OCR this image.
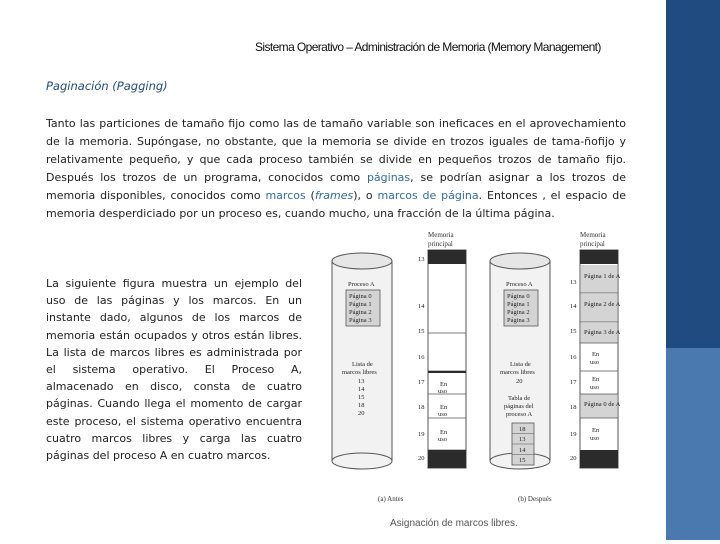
Sistema Operativo – Administración de Memoria (Memory Management)
Paginación (Pagging)
Tanto las particiones de tamaño fijo como las de tamaño variable son ineficaces en el aprovechamiento de la memoria. Supóngase, no obstante, que la memoria se divide en trozos iguales de tama-ñofijo y relativamente pequeño, y que cada proceso también se divide en pequeños trozos de tamaño fijo. Después los trozos de un programa, conocidos como páginas, se podrían asignar a los trozos de memoria disponibles, conocidos como marcos (frames), o marcos de página. Entonces , el espacio de memoria desperdiciado por un proceso es, cuando mucho, una fracción de la última página.
La siguiente figura muestra un ejemplo del uso de las páginas y los marcos. En un instante dado, algunos de los marcos de memoria están ocupados y otros están libres. La lista de marcos libres es administrada por el sistema operativo. El Proceso A, almacenado en disco, consta de cuatro páginas. Cuando llega el momento de cargar este proceso, el sistema operativo encuentra cuatro marcos libres y carga las cuatro páginas del proceso A en cuatro marcos.
Memoria
principal
Memoria
principal
Proceso A
Página 0
Página 1
Página 2
Página 3
Lista de
marcos libres
13
14
15
18
20
En
uso
En
uso
En
uso
13
14
15
16
17
18
19
20
Proceso A
Página 0
Página 1
Página 2
Página 3
Lista de
marcos libres
20
Tabla de
páginas del
proceso A
18
13
14
15
Página 1 de A
Página 2 de A
Página 3 de A
Página 0 de A
En
uso
En
uso
En
uso
13
14
15
16
17
18
19
20
(a) Antes	(b) Después
Asignación de marcos libres.
